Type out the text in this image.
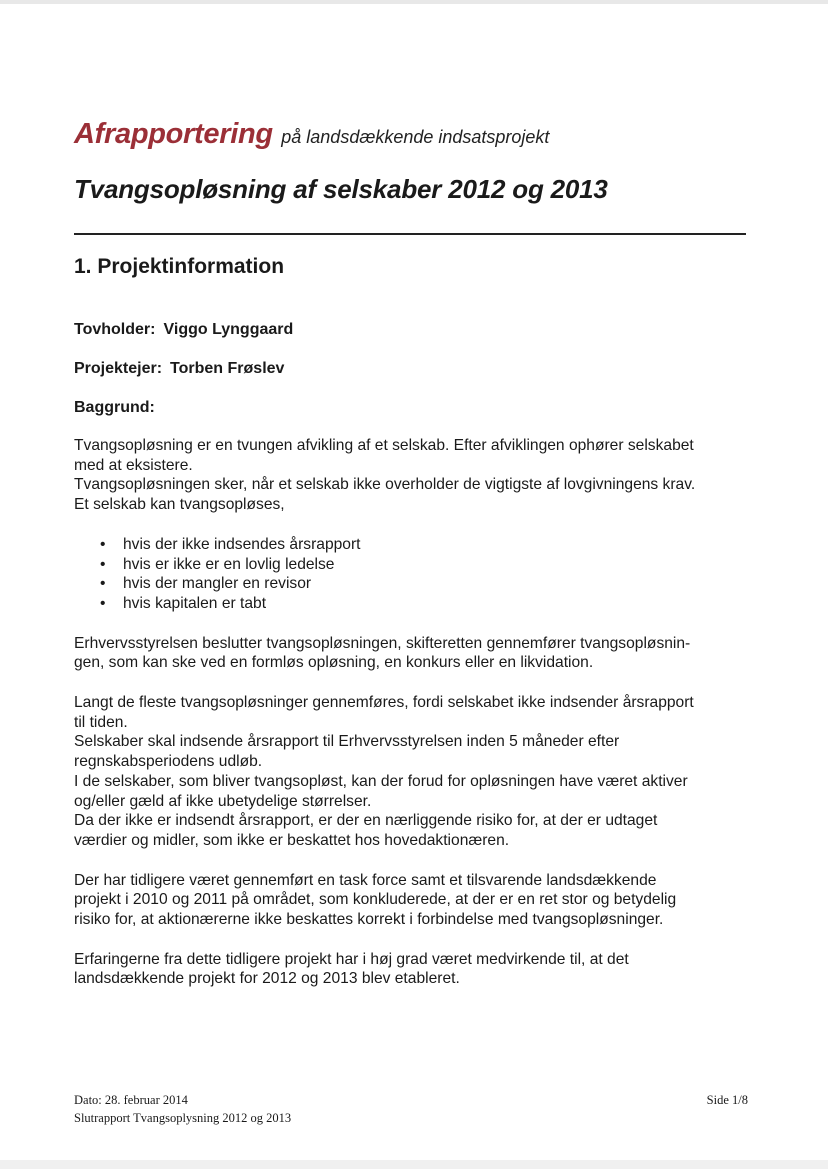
Afrapportering på landsdækkende indsatsprojekt
Tvangsopløsning af selskaber 2012 og 2013
1. Projektinformation
Tovholder: Viggo Lynggaard
Projektejer: Torben Frøslev
Baggrund:

Tvangsopløsning er en tvungen afvikling af et selskab. Efter afviklingen ophører selskabet
med at eksistere.
Tvangsopløsningen sker, når et selskab ikke overholder de vigtigste af lovgivningens krav.
Et selskab kan tvangsopløses,

• hvis der ikke indsendes årsrapport
• hvis er ikke er en lovlig ledelse
• hvis der mangler en revisor
• hvis kapitalen er tabt

Erhvervsstyrelsen beslutter tvangsopløsningen, skifteretten gennemfører tvangsopløsnin-
gen, som kan ske ved en formløs opløsning, en konkurs eller en likvidation.

Langt de fleste tvangsopløsninger gennemføres, fordi selskabet ikke indsender årsrapport
til tiden.
Selskaber skal indsende årsrapport til Erhvervsstyrelsen inden 5 måneder efter
regnskabsperiodens udløb.
I de selskaber, som bliver tvangsopløst, kan der forud for opløsningen have været aktiver
og/eller gæld af ikke ubetydelige størrelser.
Da der ikke er indsendt årsrapport, er der en nærliggende risiko for, at der er udtaget
værdier og midler, som ikke er beskattet hos hovedaktionæren.

Der har tidligere været gennemført en task force samt et tilsvarende landsdækkende
projekt i 2010 og 2011 på området, som konkluderede, at der er en ret stor og betydelig
risiko for, at aktionærerne ikke beskattes korrekt i forbindelse med tvangsopløsninger.

Erfaringerne fra dette tidligere projekt har i høj grad været medvirkende til, at det
landsdækkende projekt for 2012 og 2013 blev etableret.

Dato: 28. februar 2014
Slutrapport Tvangsoplysning 2012 og 2013
Side 1/8
